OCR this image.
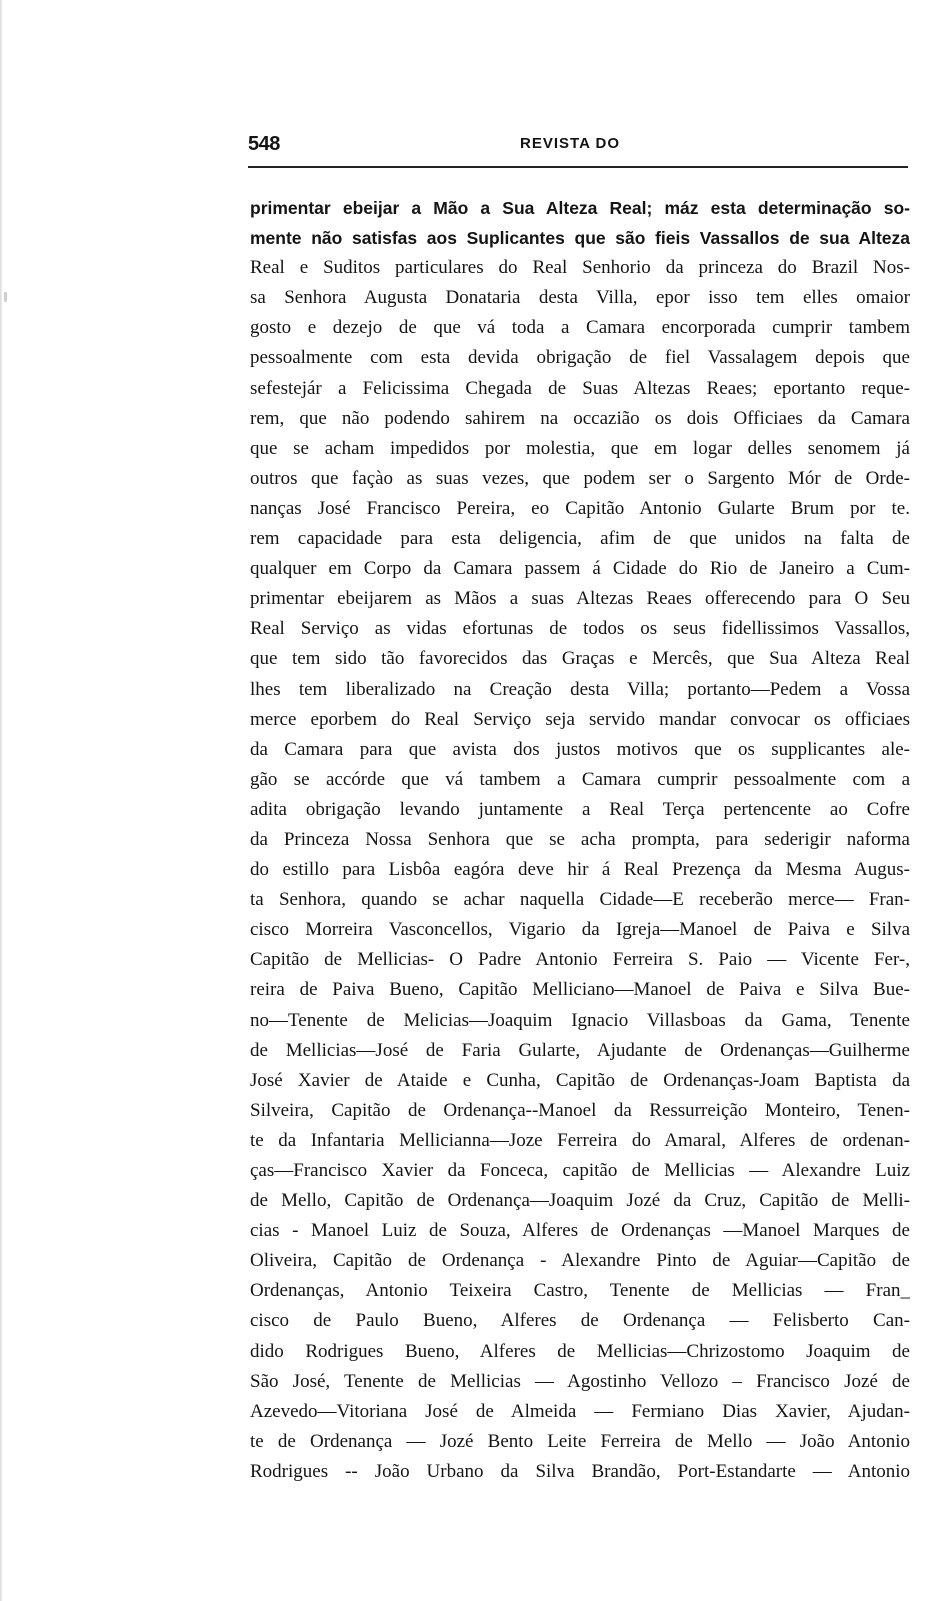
548	REVISTA DO
primentar ebeijar a Mão a Sua Alteza Real; máz esta determinação so-
mente não satisfas aos Suplicantes que são fieis Vassallos de sua Alteza
Real e Suditos particulares do Real Senhorio da princeza do Brazil Nos-
sa Senhora Augusta Donataria desta Villa, epor isso tem elles omaior
gosto e dezejo de que vá toda a Camara encorporada cumprir tambem
pessoalmente com esta devida obrigação de fiel Vassalagem depois que
sefestejár a Felicissima Chegada de Suas Altezas Reaes; eportanto reque-
rem, que não podendo sahirem na occazião os dois Officiaes da Camara
que se acham impedidos por molestia, que em logar delles senomem já
outros que façào as suas vezes, que podem ser o Sargento Mór de Orde-
nanças José Francisco Pereira, eo Capitão Antonio Gularte Brum por te.
rem capacidade para esta deligencia, afim de que unidos na falta de
qualquer em Corpo da Camara passem á Cidade do Rio de Janeiro a Cum-
primentar ebeijarem as Mãos a suas Altezas Reaes offerecendo para O Seu
Real Serviço as vidas efortunas de todos os seus fidellissimos Vassallos,
que tem sido tão favorecidos das Graças e Mercês, que Sua Alteza Real
lhes tem liberalizado na Creação desta Villa; portanto—Pedem a Vossa
merce eporbem do Real Serviço seja servido mandar convocar os officiaes
da Camara para que avista dos justos motivos que os supplicantes ale-
gão se accórde que vá tambem a Camara cumprir pessoalmente com a
adita obrigação levando juntamente a Real Terça pertencente ao Cofre
da Princeza Nossa Senhora que se acha prompta, para sederigir naforma
do estillo para Lisbôa eagóra deve hir á Real Prezença da Mesma Augus-
ta Senhora, quando se achar naquella Cidade—E receberão merce— Fran-
cisco Morreira Vasconcellos, Vigario da Igreja—Manoel de Paiva e Silva
Capitão de Mellicias- O Padre Antonio Ferreira S. Paio — Vicente Fer-,
reira de Paiva Bueno, Capitão Melliciano—Manoel de Paiva e Silva Bue-
no—Tenente de Melicias—Joaquim Ignacio Villasboas da Gama, Tenente
de Mellicias—José de Faria Gularte, Ajudante de Ordenanças—Guilherme
José Xavier de Ataide e Cunha, Capitão de Ordenanças-Joam Baptista da
Silveira, Capitão de Ordenança--Manoel da Ressurreição Monteiro, Tenen-
te da Infantaria Mellicianna—Joze Ferreira do Amaral, Alferes de ordenan-
ças—Francisco Xavier da Fonceca, capitão de Mellicias — Alexandre Luiz
de Mello, Capitão de Ordenança—Joaquim Jozé da Cruz, Capitão de Melli-
cias - Manoel Luiz de Souza, Alferes de Ordenanças —Manoel Marques de
Oliveira, Capitão de Ordenança - Alexandre Pinto de Aguiar—Capitão de
Ordenanças, Antonio Teixeira Castro, Tenente de Mellicias — Fran_
cisco de Paulo Bueno, Alferes de Ordenança — Felisberto Can-
dido Rodrigues Bueno, Alferes de Mellicias—Chrizostomo Joaquim de
São José, Tenente de Mellicias — Agostinho Vellozo – Francisco Jozé de
Azevedo—Vitoriana José de Almeida — Fermiano Dias Xavier, Ajudan-
te de Ordenança — Jozé Bento Leite Ferreira de Mello — João Antonio
Rodrigues -- João Urbano da Silva Brandão, Port-Estandarte — Antonio
